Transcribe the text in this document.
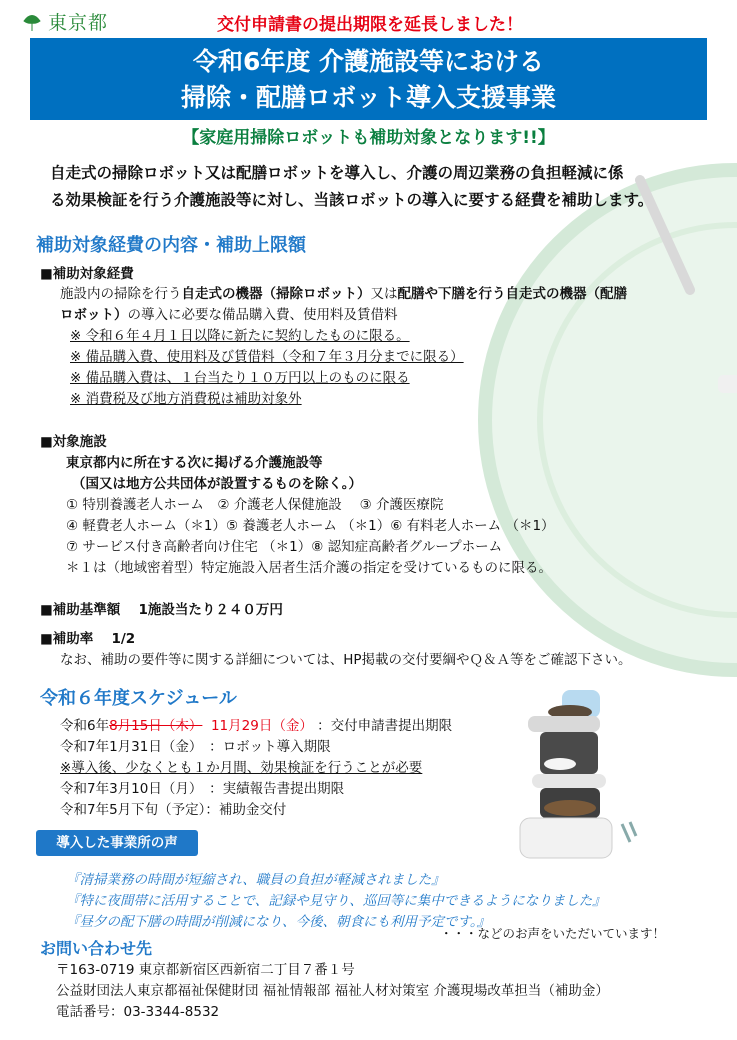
東京都	交付申請書の提出期限を延長しました！
令和6年度 介護施設等における
掃除・配膳ロボット導入支援事業
【家庭用掃除ロボットも補助対象となります!!】
自走式の掃除ロボット又は配膳ロボットを導入し、介護の周辺業務の負担軽減に係
る効果検証を行う介護施設等に対し、当該ロボットの導入に要する経費を補助します。
補助対象経費の内容・補助上限額
■補助対象経費
施設内の掃除を行う自走式の機器（掃除ロボット）又は配膳や下膳を行う自走式の機器（配膳
ロボット）の導入に必要な備品購入費、使用料及賃借料
※ 令和６年４月１日以降に新たに契約したものに限る。
※ 備品購入費、使用料及び賃借料（令和７年３月分までに限る）
※ 備品購入費は、１台当たり１０万円以上のものに限る
※ 消費税及び地方消費税は補助対象外
■対象施設
東京都内に所在する次に掲げる介護施設等
（国又は地方公共団体が設置するものを除く。）
① 特別養護老人ホーム　② 介護老人保健施設　 ③ 介護医療院
④ 軽費老人ホーム（＊1）⑤ 養護老人ホーム （＊1）⑥ 有料老人ホーム （＊1）
⑦ サービス付き高齢者向け住宅 （＊1）⑧ 認知症高齢者グループホーム
＊１は（地域密着型）特定施設入居者生活介護の指定を受けているものに限る。
■補助基準額　 1施設当たり２４０万円
■補助率　 1/2
なお、補助の要件等に関する詳細については、HP掲載の交付要綱やＱ＆Ａ等をご確認下さい。
令和６年度スケジュール
令和6年8月15日（木） 11月29日（金） ：交付申請書提出期限
令和7年1月31日（金）　：ロボット導入期限
※導入後、少なくとも１か月間、効果検証を行うことが必要
令和7年3月10日（月）　：実績報告書提出期限
令和7年5月下旬（予定）：補助金交付
導入した事業所の声
『清掃業務の時間が短縮され、職員の負担が軽減されました』
『特に夜間帯に活用することで、記録や見守り、巡回等に集中できるようになりました』
『昼夕の配下膳の時間が削減になり、今後、朝食にも利用予定です。』
・・・などのお声をいただいています！
お問い合わせ先
〒163-0719 東京都新宿区西新宿二丁目７番１号
公益財団法人東京都福祉保健財団 福祉情報部 福祉人材対策室 介護現場改革担当（補助金）
電話番号：03-3344-8532
